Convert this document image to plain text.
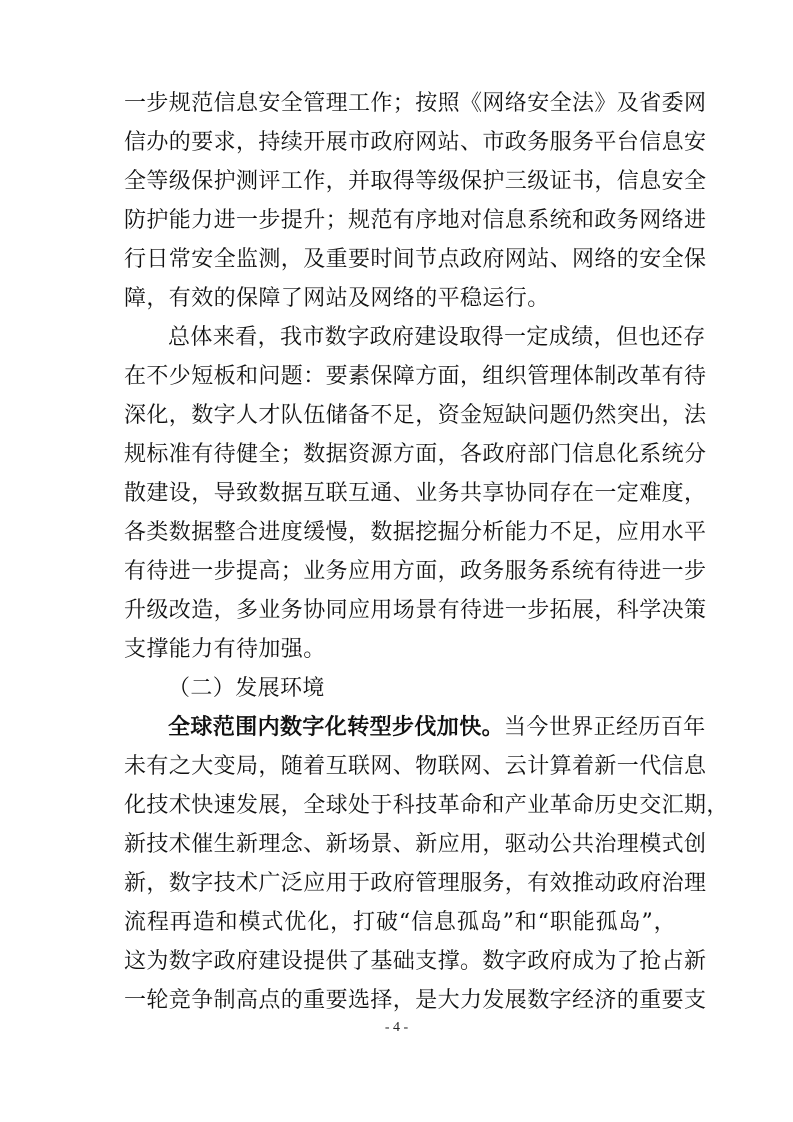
一步规范信息安全管理工作；按照《网络安全法》及省委网
信办的要求，持续开展市政府网站、市政务服务平台信息安
全等级保护测评工作，并取得等级保护三级证书，信息安全
防护能力进一步提升；规范有序地对信息系统和政务网络进
行日常安全监测，及重要时间节点政府网站、网络的安全保
障，有效的保障了网站及网络的平稳运行。
总体来看，我市数字政府建设取得一定成绩，但也还存
在不少短板和问题：要素保障方面，组织管理体制改革有待
深化，数字人才队伍储备不足，资金短缺问题仍然突出，法
规标准有待健全；数据资源方面，各政府部门信息化系统分
散建设，导致数据互联互通、业务共享协同存在一定难度，
各类数据整合进度缓慢，数据挖掘分析能力不足，应用水平
有待进一步提高；业务应用方面，政务服务系统有待进一步
升级改造，多业务协同应用场景有待进一步拓展，科学决策
支撑能力有待加强。
（二）发展环境
全球范围内数字化转型步伐加快。当今世界正经历百年
未有之大变局，随着互联网、物联网、云计算着新一代信息
化技术快速发展，全球处于科技革命和产业革命历史交汇期，
新技术催生新理念、新场景、新应用，驱动公共治理模式创
新，数字技术广泛应用于政府管理服务，有效推动政府治理
流程再造和模式优化，打破“信息孤岛”和“职能孤岛”，
这为数字政府建设提供了基础支撑。数字政府成为了抢占新
一轮竞争制高点的重要选择，是大力发展数字经济的重要支
- 4 -
